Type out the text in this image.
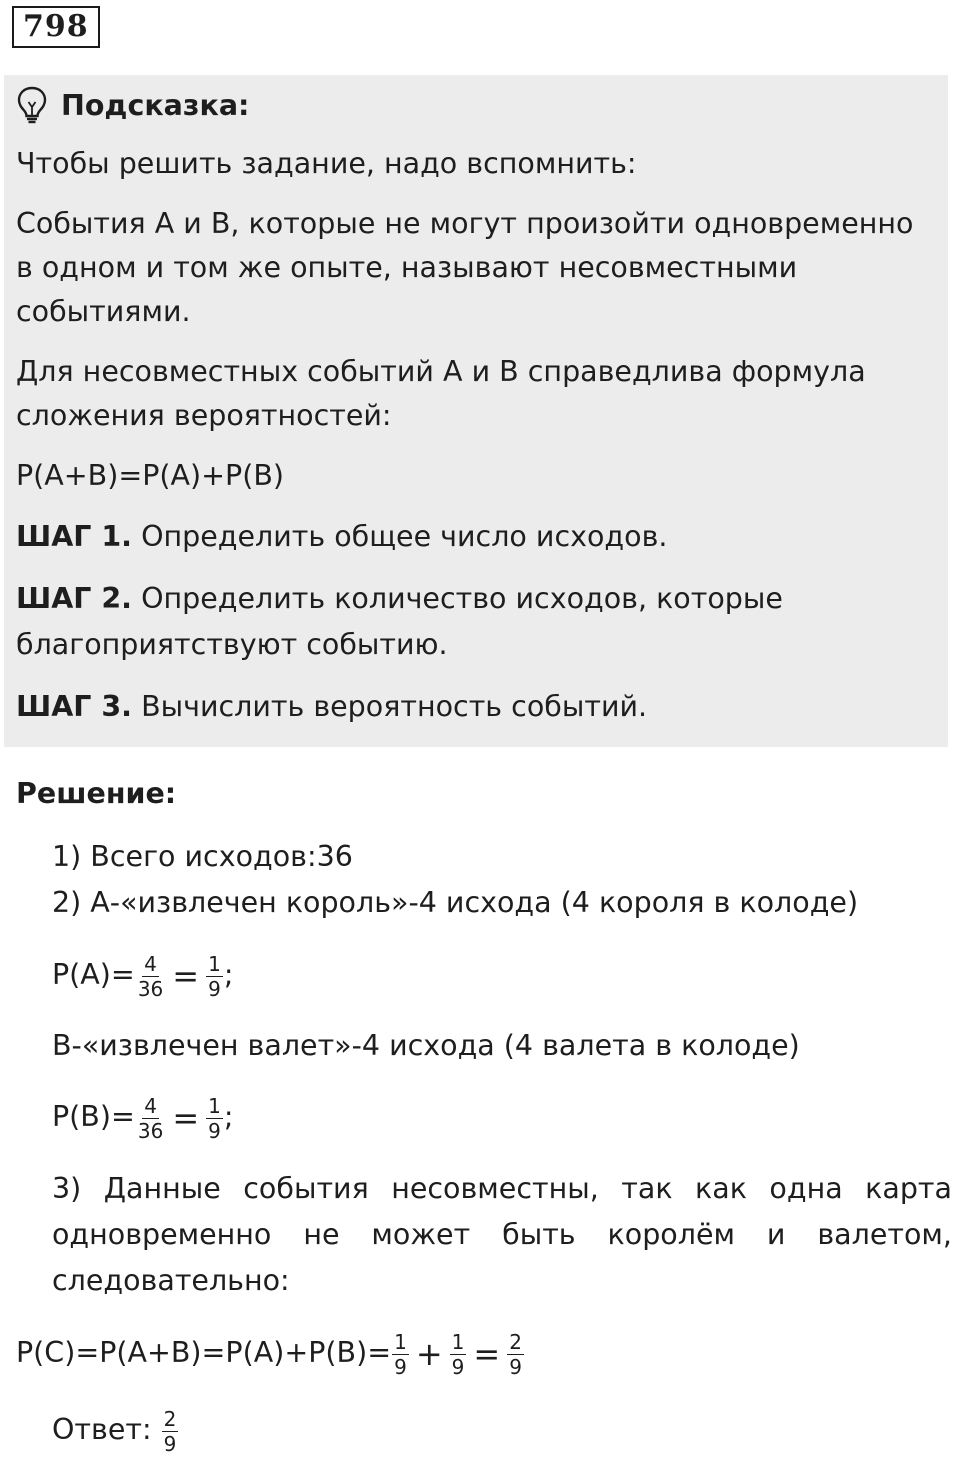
798
Подсказка:
Чтобы решить задание, надо вспомнить:
События А и В, которые не могут произойти одновременно
в одном и том же опыте, называют несовместными
событиями.
Для несовместных событий А и В справедлива формула
сложения вероятностей:
P(A+B)=P(A)+P(B)
ШАГ 1. Определить общее число исходов.
ШАГ 2. Определить количество исходов, которые
благоприятствуют событию.
ШАГ 3. Вычислить вероятность событий.
Решение:
1) Всего исходов:36
2) А-«извлечен король»-4 исхода (4 короля в колоде)
$P(A)= \frac{4}{36} = \frac{1}{9}$ ;
В-«извлечен валет»-4 исхода (4 валета в колоде)
$P(B)= \frac{4}{36} = \frac{1}{9}$ ;
3) Данные события несовместны, так как одна карта одновременно не может быть королём и валетом, следовательно:
$P(C)=P(A+B)=P(A)+P(B)= \frac{1}{9} + \frac{1}{9} = \frac{2}{9}$
Ответ: $\frac{2}{9}$
